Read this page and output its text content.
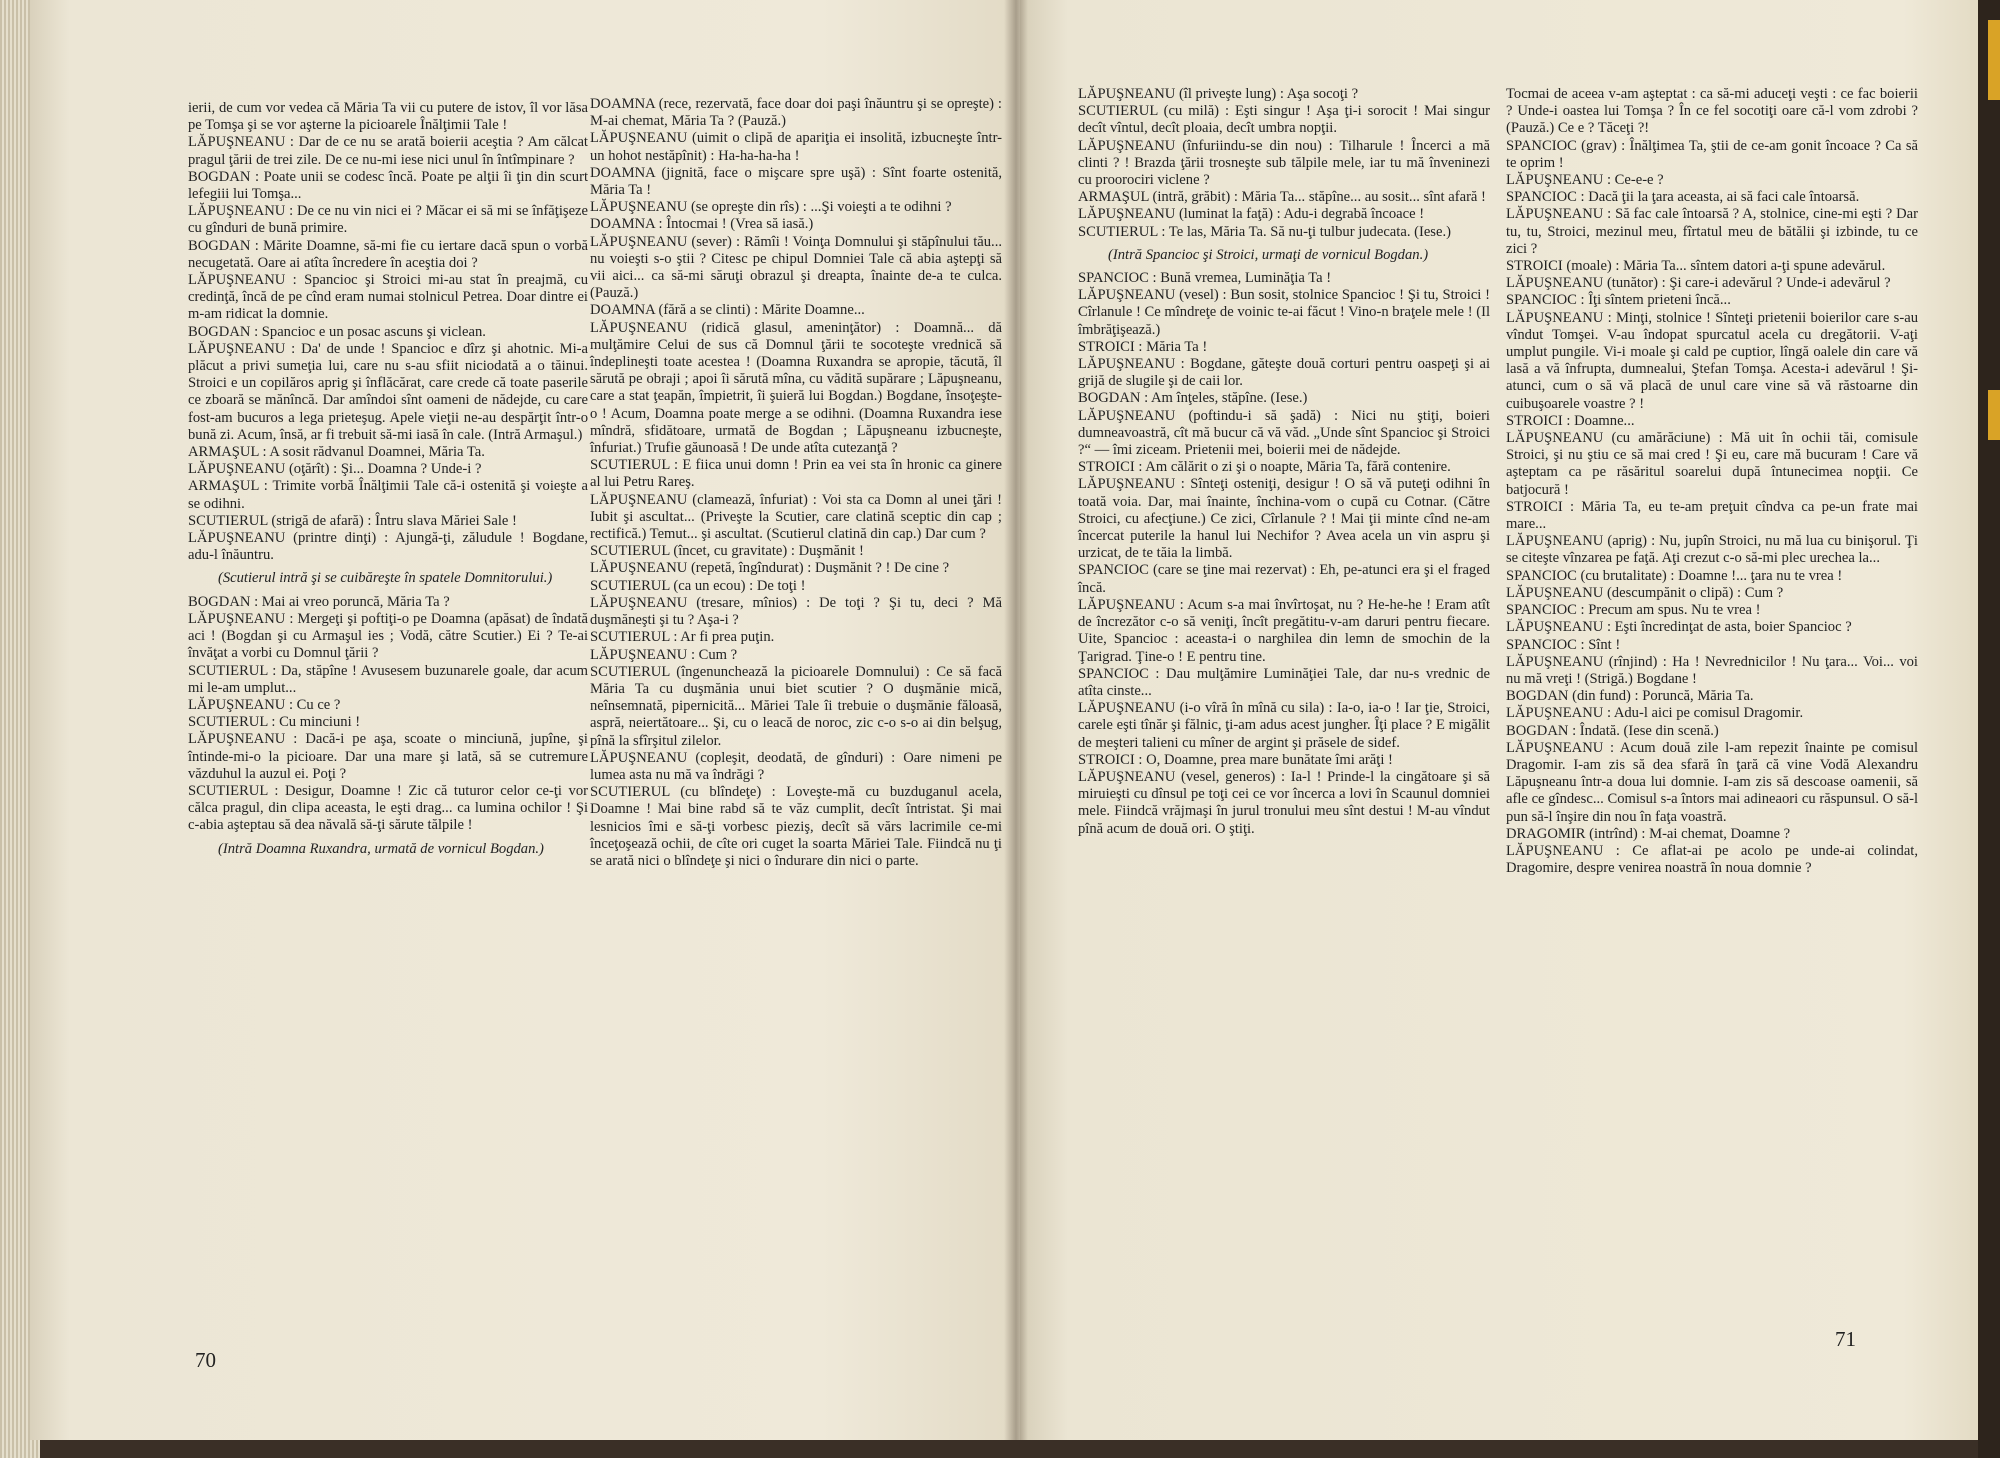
ierii, de cum vor vedea că Măria Ta vii cu putere de istov, îl vor lăsa pe Tomşa şi se vor aşterne la picioarele Înălţimii Tale !

LĂPUŞNEANU : Dar de ce nu se arată boierii aceştia ? Am călcat pragul ţării de trei zile. De ce nu-mi iese nici unul în întîmpinare ?

BOGDAN : Poate unii se codesc încă. Poate pe alţii îi ţin din scurt lefegiii lui Tomşa...

LĂPUŞNEANU : De ce nu vin nici ei ? Măcar ei să mi se înfăţişeze cu gînduri de bună primire.

BOGDAN : Mărite Doamne, să-mi fie cu iertare dacă spun o vorbă necugetată. Oare ai atîta încredere în aceştia doi ?

LĂPUŞNEANU : Spancioc şi Stroici mi-au stat în preajmă, cu credinţă, încă de pe cînd eram numai stolnicul Petrea. Doar dintre ei m-am ridicat la domnie.

BOGDAN : Spancioc e un posac ascuns şi viclean.

LĂPUŞNEANU : Da' de unde ! Spancioc e dîrz şi ahotnic. Mi-a plăcut a privi sumeţia lui, care nu s-au sfiit niciodată a o tăinui. Stroici e un copilăros aprig şi înflăcărat, care crede că toate paserile ce zboară se mănîncă. Dar amîndoi sînt oameni de nădejde, cu care fost-am bucuros a lega prieteşug. Apele vieţii ne-au despărţit într-o bună zi. Acum, însă, ar fi trebuit să-mi iasă în cale. (Intră Armaşul.)

ARMAŞUL : A sosit rădvanul Doamnei, Măria Ta.

LĂPUŞNEANU (oţărît) : Şi... Doamna ? Unde-i ?

ARMAŞUL : Trimite vorbă Înălţimii Tale că-i ostenită şi voieşte a se odihni.

SCUTIERUL (strigă de afară) : Întru slava Măriei Sale !

LĂPUŞNEANU (printre dinţi) : Ajungă-ţi, zăludule ! Bogdane, adu-l înăuntru.

(Scutierul intră şi se cuibăreşte în spatele Domnitorului.)

BOGDAN : Mai ai vreo poruncă, Măria Ta ?

LĂPUŞNEANU : Mergeţi şi poftiţi-o pe Doamna (apăsat) de îndată aci ! (Bogdan şi cu Armaşul ies ; Vodă, către Scutier.) Ei ? Te-ai învăţat a vorbi cu Domnul ţării ?

SCUTIERUL : Da, stăpîne ! Avusesem buzunarele goale, dar acum mi le-am umplut...

LĂPUŞNEANU : Cu ce ?

SCUTIERUL : Cu minciuni !

LĂPUŞNEANU : Dacă-i pe aşa, scoate o minciună, jupîne, şi întinde-mi-o la picioare. Dar una mare şi lată, să se cutremure văzduhul la auzul ei. Poţi ?

SCUTIERUL : Desigur, Doamne ! Zic că tuturor celor ce-ţi vor călca pragul, din clipa aceasta, le eşti drag... ca lumina ochilor ! Şi c-abia aşteptau să dea năvală să-ţi sărute tălpile !

(Intră Doamna Ruxandra, urmată de vornicul Bogdan.)

DOAMNA (rece, rezervată, face doar doi paşi înăuntru şi se opreşte) : M-ai chemat, Măria Ta ? (Pauză.)

LĂPUŞNEANU (uimit o clipă de apariţia ei insolită, izbucneşte într-un hohot nestăpînit) : Ha-ha-ha-ha !

DOAMNA (jignită, face o mişcare spre uşă) : Sînt foarte ostenită, Măria Ta !

LĂPUŞNEANU (se opreşte din rîs) : ...Şi voieşti a te odihni ?

DOAMNA : Întocmai ! (Vrea să iasă.)

LĂPUŞNEANU (sever) : Rămîi ! Voinţa Domnului şi stăpînului tău... nu voieşti s-o ştii ? Citesc pe chipul Domniei Tale că abia aştepţi să vii aici... ca să-mi săruţi obrazul şi dreapta, înainte de-a te culca. (Pauză.)

DOAMNA (fără a se clinti) : Mărite Doamne...

LĂPUŞNEANU (ridică glasul, ameninţător) : Doamnă... dă mulţămire Celui de sus că Domnul ţării te socoteşte vrednică să îndeplineşti toate acestea ! (Doamna Ruxandra se apropie, tăcută, îl sărută pe obraji ; apoi îi sărută mîna, cu vădită supărare ; Lăpuşneanu, care a stat ţeapăn, împietrit, îi şuieră lui Bogdan.) Bogdane, însoţeşte-o ! Acum, Doamna poate merge a se odihni. (Doamna Ruxandra iese mîndră, sfidătoare, urmată de Bogdan ; Lăpuşneanu izbucneşte, înfuriat.) Trufie găunoasă ! De unde atîta cutezanţă ?

SCUTIERUL : E fiica unui domn ! Prin ea vei sta în hronic ca ginere al lui Petru Rareş.

LĂPUŞNEANU (clamează, înfuriat) : Voi sta ca Domn al unei ţări ! Iubit şi ascultat... (Priveşte la Scutier, care clatină sceptic din cap ; rectifică.) Temut... şi ascultat. (Scutierul clatină din cap.) Dar cum ?

SCUTIERUL (încet, cu gravitate) : Duşmănit !

LĂPUŞNEANU (repetă, îngîndurat) : Duşmănit ? ! De cine ?

SCUTIERUL (ca un ecou) : De toţi !

LĂPUŞNEANU (tresare, mînios) : De toţi ? Şi tu, deci ? Mă duşmăneşti şi tu ? Aşa-i ?

SCUTIERUL : Ar fi prea puţin.

LĂPUŞNEANU : Cum ?

SCUTIERUL (îngenunchează la picioarele Domnului) : Ce să facă Măria Ta cu duşmănia unui biet scutier ? O duşmănie mică, neînsemnată, pipernicită... Măriei Tale îi trebuie o duşmănie făloasă, aspră, neiertătoare... Şi, cu o leacă de noroc, zic c-o s-o ai din belşug, pînă la sfîrşitul zilelor.

LĂPUŞNEANU (copleşit, deodată, de gînduri) : Oare nimeni pe lumea asta nu mă va îndrăgi ?

SCUTIERUL (cu blîndeţe) : Loveşte-mă cu buzduganul acela, Doamne ! Mai bine rabd să te văz cumplit, decît întristat. Şi mai lesnicios îmi e să-ţi vorbesc pieziş, decît să vărs lacrimile ce-mi înceţoşează ochii, de cîte ori cuget la soarta Măriei Tale. Fiindcă nu ţi se arată nici o blîndeţe şi nici o îndurare din nici o parte.

70

LĂPUŞNEANU (îl priveşte lung) : Aşa socoţi ?

SCUTIERUL (cu milă) : Eşti singur ! Aşa ţi-i sorocit ! Mai singur decît vîntul, decît ploaia, decît umbra nopţii.

LĂPUŞNEANU (înfuriindu-se din nou) : Tilharule ! Încerci a mă clinti ? ! Brazda ţării trosneşte sub tălpile mele, iar tu mă înveninezi cu proorociri viclene ?

ARMAŞUL (intră, grăbit) : Măria Ta... stăpîne... au sosit... sînt afară !

LĂPUŞNEANU (luminat la faţă) : Adu-i degrabă încoace !

SCUTIERUL : Te las, Măria Ta. Să nu-ţi tulbur judecata. (Iese.)

(Intră Spancioc şi Stroici, urmaţi de vornicul Bogdan.)

SPANCIOC : Bună vremea, Luminăţia Ta !

LĂPUŞNEANU (vesel) : Bun sosit, stolnice Spancioc ! Şi tu, Stroici ! Cîrlanule ! Ce mîndreţe de voinic te-ai făcut ! Vino-n braţele mele ! (Il îmbrăţişează.)

STROICI : Măria Ta !

LĂPUŞNEANU : Bogdane, găteşte două corturi pentru oaspeţi şi ai grijă de slugile şi de caii lor.

BOGDAN : Am înţeles, stăpîne. (Iese.)

LĂPUŞNEANU (poftindu-i să şadă) : Nici nu ştiţi, boieri dumneavoastră, cît mă bucur că vă văd. „Unde sînt Spancioc şi Stroici ?“ — îmi ziceam. Prietenii mei, boierii mei de nădejde.

STROICI : Am călărit o zi şi o noapte, Măria Ta, fără contenire.

LĂPUŞNEANU : Sînteţi osteniţi, desigur ! O să vă puteţi odihni în toată voia. Dar, mai înainte, închina-vom o cupă cu Cotnar. (Către Stroici, cu afecţiune.) Ce zici, Cîrlanule ? ! Mai ţii minte cînd ne-am încercat puterile la hanul lui Nechifor ? Avea acela un vin aspru şi urzicat, de te tăia la limbă.

SPANCIOC (care se ţine mai rezervat) : Eh, pe-atunci era şi el fraged încă.

LĂPUŞNEANU : Acum s-a mai învîrtoşat, nu ? He-he-he ! Eram atît de încrezător c-o să veniţi, încît pregătitu-v-am daruri pentru fiecare. Uite, Spancioc : aceasta-i o narghilea din lemn de smochin de la Ţarigrad. Ţine-o ! E pentru tine.

SPANCIOC : Dau mulţămire Luminăţiei Tale, dar nu-s vrednic de atîta cinste...

LĂPUŞNEANU (i-o vîră în mînă cu sila) : Ia-o, ia-o ! Iar ţie, Stroici, carele eşti tînăr şi fălnic, ţi-am adus acest jungher. Îţi place ? E migălit de meşteri talieni cu mîner de argint şi prăsele de sidef.

STROICI : O, Doamne, prea mare bunătate îmi arăţi !

LĂPUŞNEANU (vesel, generos) : Ia-l ! Prinde-l la cingătoare şi să miruieşti cu dînsul pe toţi cei ce vor încerca a lovi în Scaunul domniei mele. Fiindcă vrăjmaşi în jurul tronului meu sînt destui ! M-au vîndut pînă acum de două ori. O ştiţi.

Tocmai de aceea v-am aşteptat : ca să-mi aduceţi veşti : ce fac boierii ? Unde-i oastea lui Tomşa ? În ce fel socotiţi oare că-l vom zdrobi ? (Pauză.) Ce e ? Tăceţi ?!

SPANCIOC (grav) : Înălţimea Ta, ştii de ce-am gonit încoace ? Ca să te oprim !

LĂPUŞNEANU : Ce-e-e ?

SPANCIOC : Dacă ţii la ţara aceasta, ai să faci cale întoarsă.

LĂPUŞNEANU : Să fac cale întoarsă ? A, stolnice, cine-mi eşti ? Dar tu, tu, Stroici, mezinul meu, fîrtatul meu de bătălii şi izbinde, tu ce zici ?

STROICI (moale) : Măria Ta... sîntem datori a-ţi spune adevărul.

LĂPUŞNEANU (tunător) : Şi care-i adevărul ? Unde-i adevărul ?

SPANCIOC : Îţi sîntem prieteni încă...

LĂPUŞNEANU : Minţi, stolnice ! Sînteţi prietenii boierilor care s-au vîndut Tomşei. V-au îndopat spurcatul acela cu dregătorii. V-aţi umplut pungile. Vi-i moale şi cald pe cuptior, lîngă oalele din care vă lasă a vă înfrupta, dumnealui, Ştefan Tomşa. Acesta-i adevărul ! Şi-atunci, cum o să vă placă de unul care vine să vă răstoarne din cuibuşoarele voastre ? !

STROICI : Doamne...

LĂPUŞNEANU (cu amărăciune) : Mă uit în ochii tăi, comisule Stroici, şi nu ştiu ce să mai cred ! Şi eu, care mă bucuram ! Care vă aşteptam ca pe răsăritul soarelui după întunecimea nopţii. Ce batjocură !

STROICI : Măria Ta, eu te-am preţuit cîndva ca pe-un frate mai mare...

LĂPUŞNEANU (aprig) : Nu, jupîn Stroici, nu mă lua cu binişorul. Ţi se citeşte vînzarea pe faţă. Aţi crezut c-o să-mi plec urechea la...

SPANCIOC (cu brutalitate) : Doamne !... ţara nu te vrea !

LĂPUŞNEANU (descumpănit o clipă) : Cum ?

SPANCIOC : Precum am spus. Nu te vrea !

LĂPUŞNEANU : Eşti încredinţat de asta, boier Spancioc ?

SPANCIOC : Sînt !

LĂPUŞNEANU (rînjind) : Ha ! Nevrednicilor ! Nu ţara... Voi... voi nu mă vreţi ! (Strigă.) Bogdane !

BOGDAN (din fund) : Poruncă, Măria Ta.

LĂPUŞNEANU : Adu-l aici pe comisul Dragomir.

BOGDAN : Îndată. (Iese din scenă.)

LĂPUŞNEANU : Acum două zile l-am repezit înainte pe comisul Dragomir. I-am zis să dea sfară în ţară că vine Vodă Alexandru Lăpuşneanu într-a doua lui domnie. I-am zis să descoase oamenii, să afle ce gîndesc... Comisul s-a întors mai adineaori cu răspunsul. O să-l pun să-l înşire din nou în faţa voastră.

DRAGOMIR (intrînd) : M-ai chemat, Doamne ?

LĂPUŞNEANU : Ce aflat-ai pe acolo pe unde-ai colindat, Dragomire, despre venirea noastră în noua domnie ?

71
